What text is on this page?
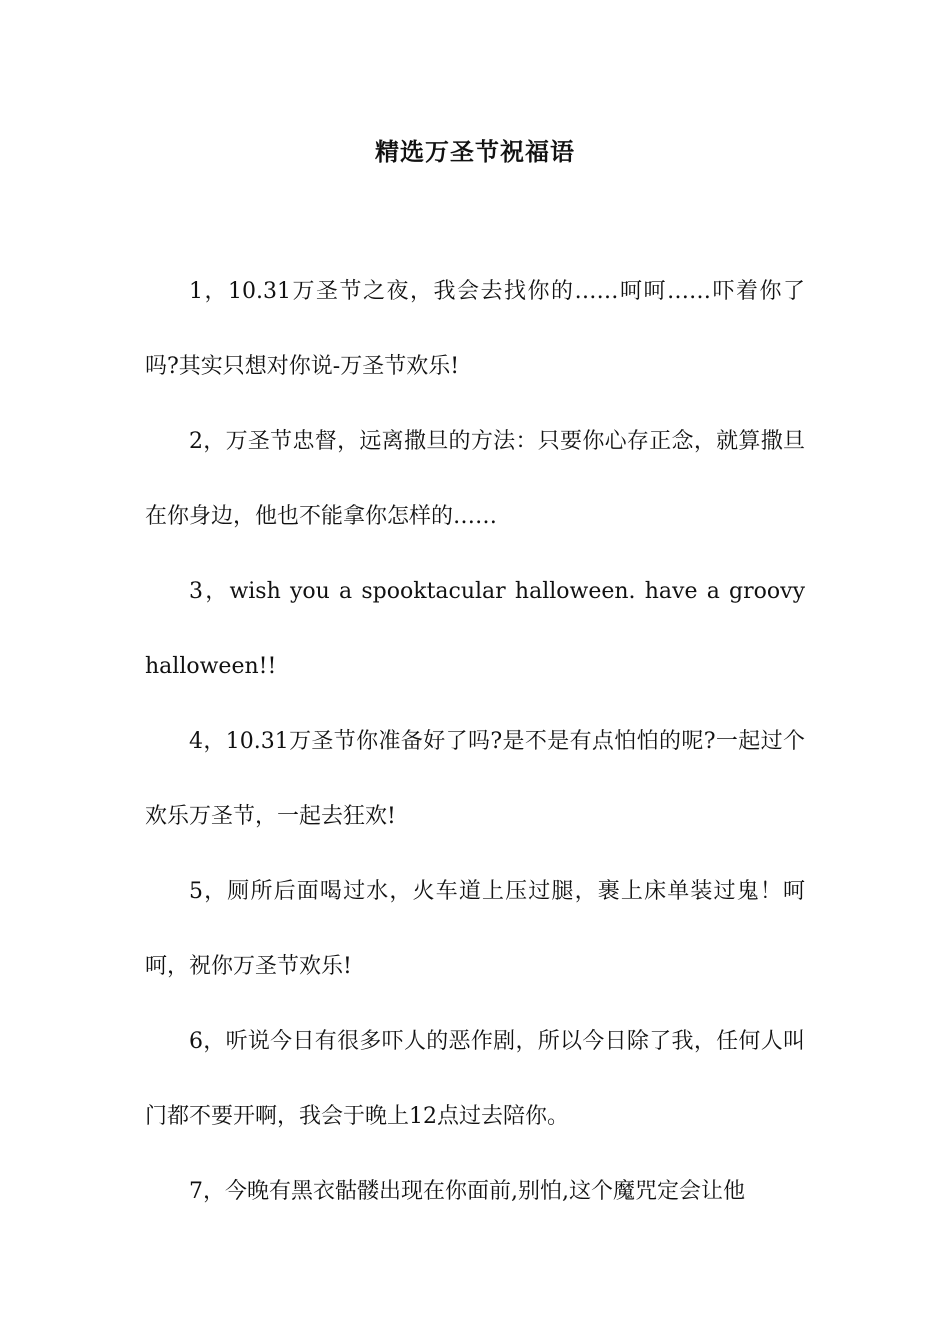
精选万圣节祝福语

1，10.31万圣节之夜，我会去找你的……呵呵……吓着你了吗?其实只想对你说-万圣节欢乐!

2，万圣节忠督，远离撒旦的方法：只要你心存正念，就算撒旦在你身边，他也不能拿你怎样的……

3，wish you a spooktacular halloween. have a groovy halloween!!

4，10.31万圣节你准备好了吗?是不是有点怕怕的呢?一起过个欢乐万圣节，一起去狂欢!

5，厕所后面喝过水，火车道上压过腿，裹上床单装过鬼！呵呵，祝你万圣节欢乐!

6，听说今日有很多吓人的恶作剧，所以今日除了我，任何人叫门都不要开啊，我会于晚上12点过去陪你。

7，今晚有黑衣骷髅出现在你面前,别怕,这个魔咒定会让他
